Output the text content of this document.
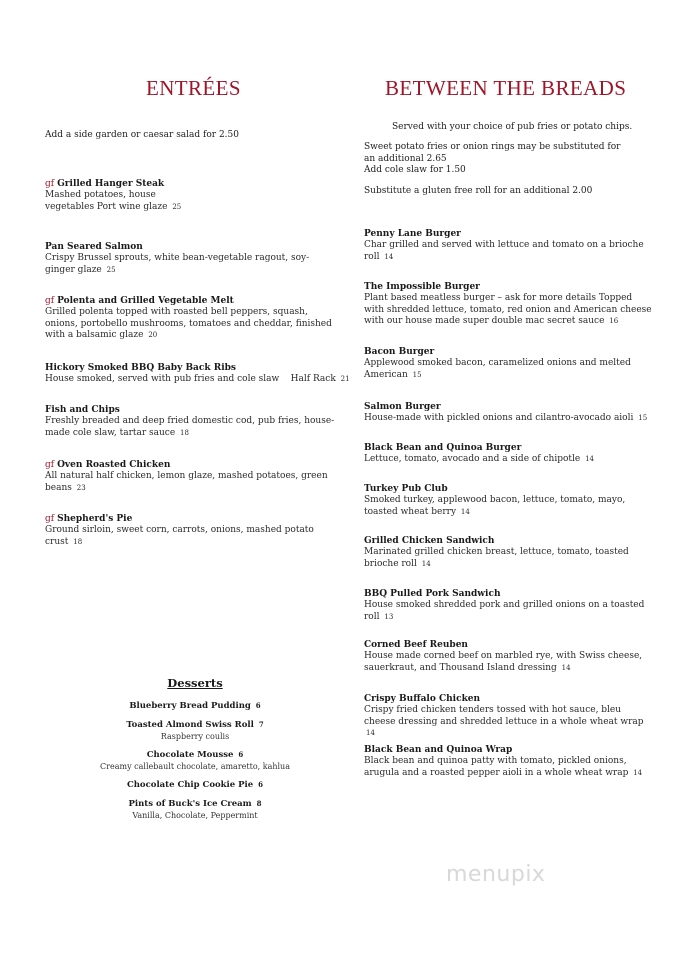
ENTRÉES	BETWEEN THE BREADS
Add a side garden or caesar salad for 2.50
gf Grilled Hanger Steak
Mashed potatoes, house vegetables Port wine glaze 25
Pan Seared Salmon
Crispy Brussel sprouts, white bean-vegetable ragout, soy-ginger glaze 25
gf Polenta and Grilled Vegetable Melt
Grilled polenta topped with roasted bell peppers, squash, onions, portobello mushrooms, tomatoes and cheddar, finished with a balsamic glaze 20
Hickory Smoked BBQ Baby Back Ribs
House smoked, served with pub fries and cole slaw    Half Rack 21
Fish and Chips
Freshly breaded and deep fried domestic cod, pub fries, house-made cole slaw, tartar sauce 18
gf Oven Roasted Chicken
All natural half chicken, lemon glaze, mashed potatoes, green beans 23
gf Shepherd's Pie
Ground sirloin, sweet corn, carrots, onions, mashed potato crust 18
Served with your choice of pub fries or potato chips.
Sweet potato fries or onion rings may be substituted for an additional 2.65
Add cole slaw for 1.50
Substitute a gluten free roll for an additional 2.00
Penny Lane Burger
Char grilled and served with lettuce and tomato on a brioche roll 14
The Impossible Burger
Plant based meatless burger – ask for more details Topped with shredded lettuce, tomato, red onion and American cheese with our house made super double mac secret sauce 16
Bacon Burger
Applewood smoked bacon, caramelized onions and melted American 15
Salmon Burger
House-made with pickled onions and cilantro-avocado aioli 15
Black Bean and Quinoa Burger
Lettuce, tomato, avocado and a side of chipotle 14
Turkey Pub Club
Smoked turkey, applewood bacon, lettuce, tomato, mayo, toasted wheat berry 14
Grilled Chicken Sandwich
Marinated grilled chicken breast, lettuce, tomato, toasted brioche roll 14
BBQ Pulled Pork Sandwich
House smoked shredded pork and grilled onions on a toasted roll 13
Corned Beef Reuben
House made corned beef on marbled rye, with Swiss cheese, sauerkraut, and Thousand Island dressing 14
Crispy Buffalo Chicken
Crispy fried chicken tenders tossed with hot sauce, bleu cheese dressing and shredded lettuce in a whole wheat wrap 14
Black Bean and Quinoa Wrap
Black bean and quinoa patty with tomato, pickled onions, arugula and a roasted pepper aioli in a whole wheat wrap 14
Desserts
Blueberry Bread Pudding 6
Toasted Almond Swiss Roll 7
Raspberry coulis
Chocolate Mousse 6
Creamy callebault chocolate, amaretto, kahlua
Chocolate Chip Cookie Pie 6
Pints of Buck's Ice Cream 8
Vanilla, Chocolate, Peppermint
menupix
